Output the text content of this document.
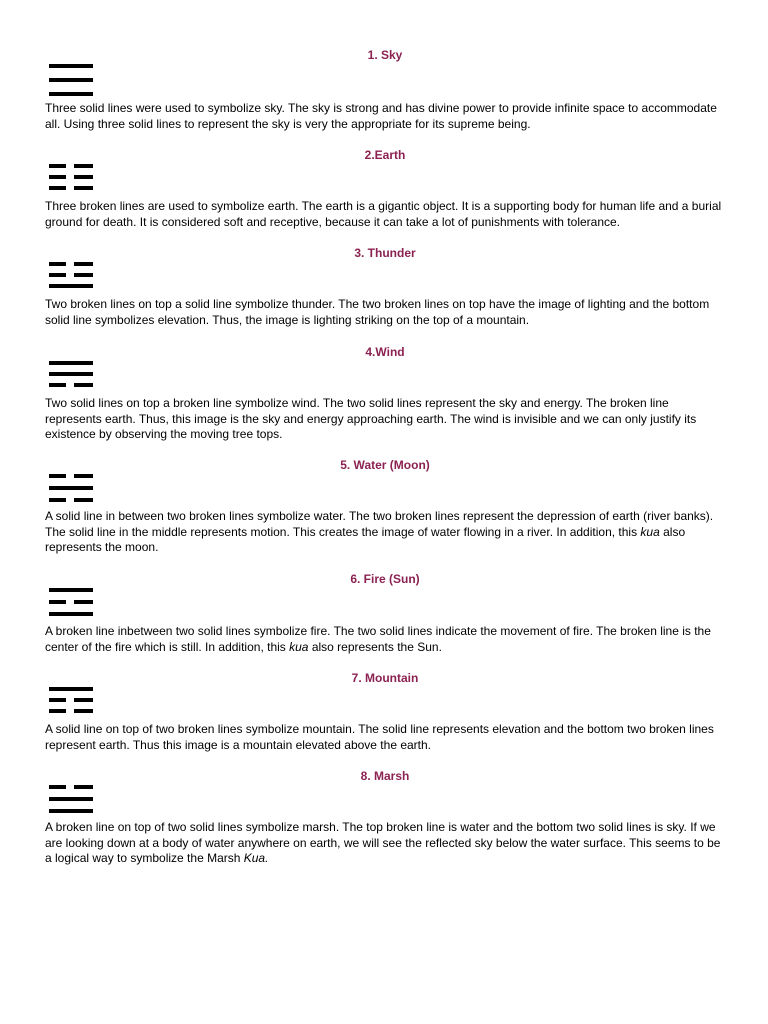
1. Sky

Three solid lines were used to symbolize sky. The sky is strong and has divine power to provide infinite space to accommodate all. Using three solid lines to represent the sky is very the appropriate for its supreme being.

2.Earth

Three broken lines are used to symbolize earth. The earth is a gigantic object. It is a supporting body for human life and a burial ground for death. It is considered soft and receptive, because it can take a lot of punishments with tolerance.

3. Thunder

Two broken lines on top a solid line symbolize thunder. The two broken lines on top have the image of lighting and the bottom solid line symbolizes elevation. Thus, the image is lighting striking on the top of a mountain.

4.Wind

Two solid lines on top a broken line symbolize wind. The two solid lines represent the sky and energy. The broken line represents earth. Thus, this image is the sky and energy approaching earth. The wind is invisible and we can only justify its existence by observing the moving tree tops.

5. Water (Moon)

A solid line in between two broken lines symbolize water. The two broken lines represent the depression of earth (river banks). The solid line in the middle represents motion. This creates the image of water flowing in a river. In addition, this kua also represents the moon.

6. Fire (Sun)

A broken line inbetween two solid lines symbolize fire. The two solid lines indicate the movement of fire. The broken line is the center of the fire which is still. In addition, this kua also represents the Sun.

7. Mountain

A solid line on top of two broken lines symbolize mountain. The solid line represents elevation and the bottom two broken lines represent earth. Thus this image is a mountain elevated above the earth.

8. Marsh

A broken line on top of two solid lines symbolize marsh. The top broken line is water and the bottom two solid lines is sky. If we are looking down at a body of water anywhere on earth, we will see the reflected sky below the water surface. This seems to be a logical way to symbolize the Marsh Kua.
